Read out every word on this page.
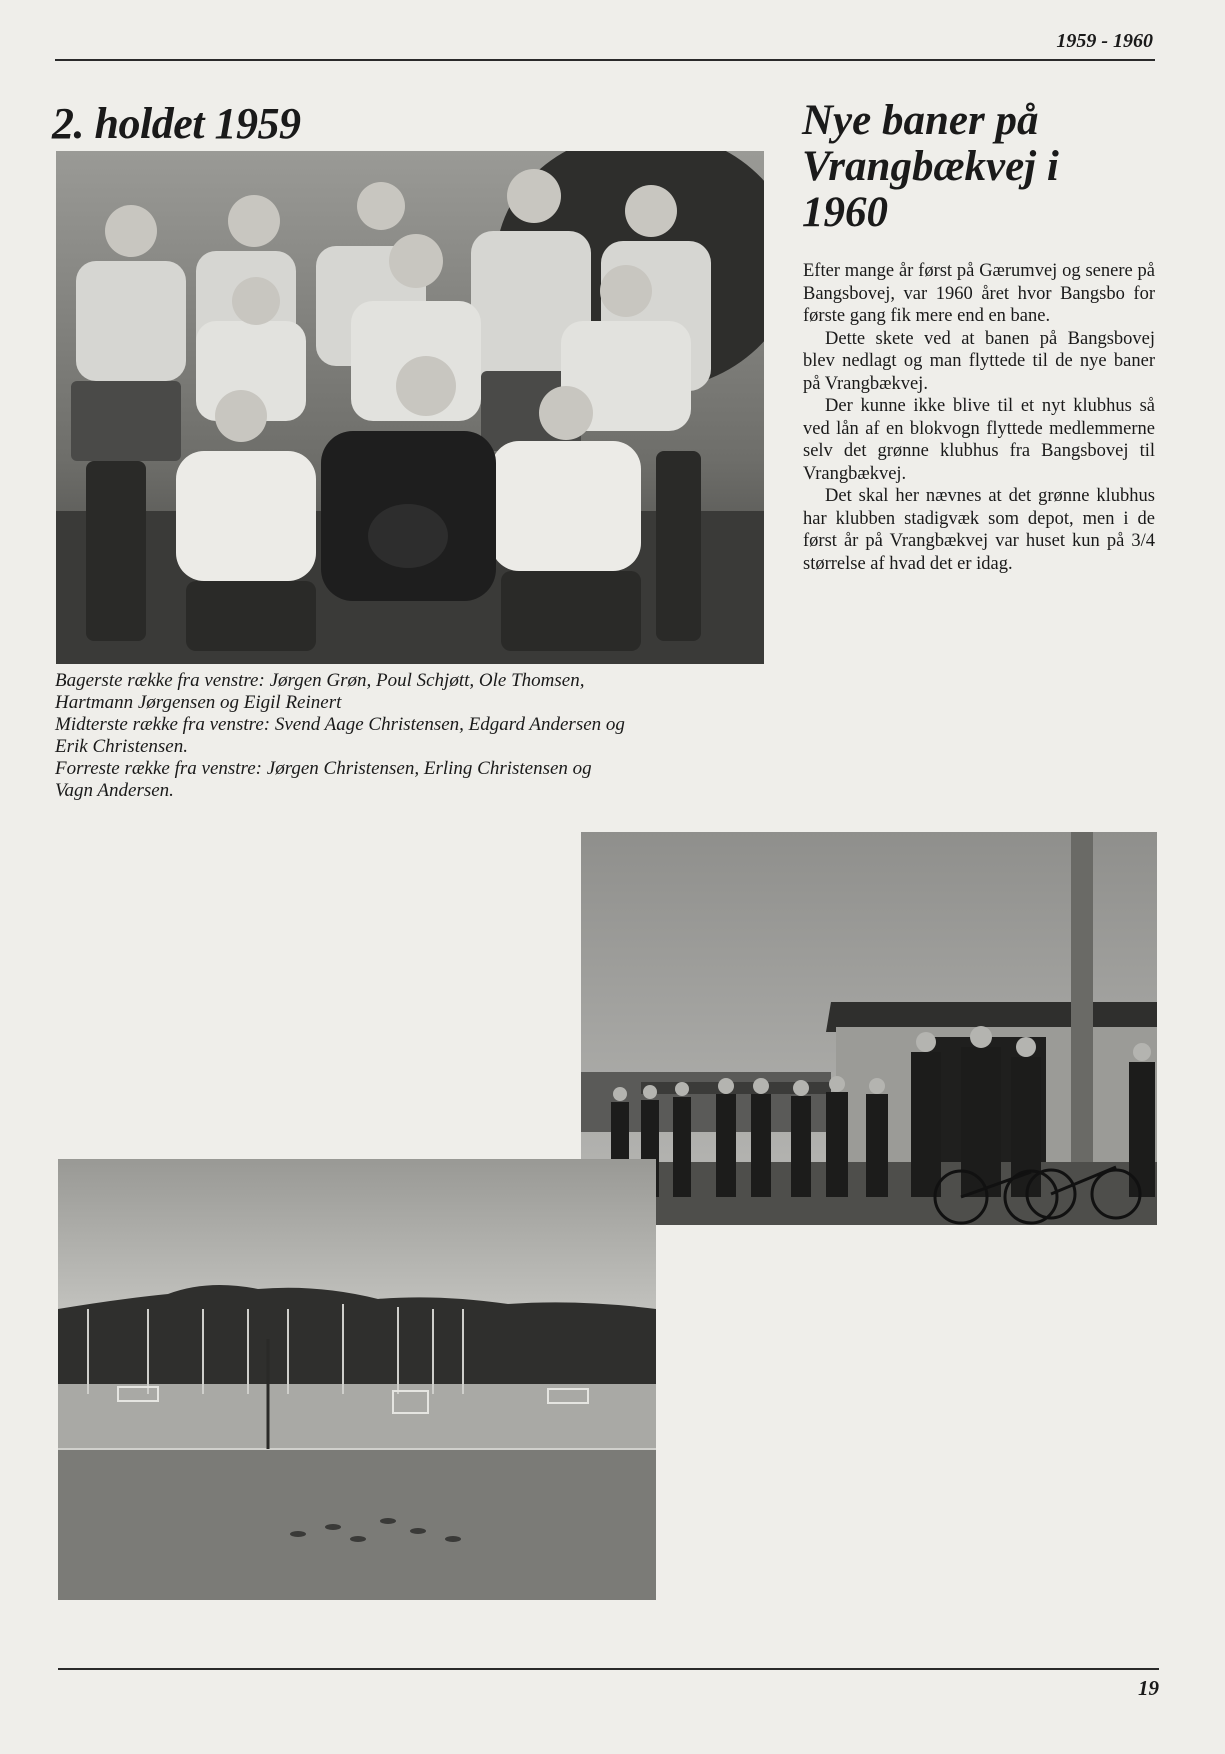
1959 - 1960
2. holdet 1959
Bagerste række fra venstre: Jørgen Grøn, Poul Schjøtt, Ole Thomsen,
Hartmann Jørgensen og Eigil Reinert
Midterste række fra venstre: Svend Aage Christensen, Edgard Andersen og
Erik Christensen.
Forreste række fra venstre: Jørgen Christensen, Erling Christensen og
Vagn Andersen.
Nye baner på
Vrangbækvej i
1960

Efter mange år først på Gærumvej og senere på Bangsbovej, var 1960 året hvor Bangsbo for første gang fik mere end en bane.

Dette skete ved at banen på Bangsbovej blev nedlagt og man flyttede til de nye baner på Vrangbækvej.

Der kunne ikke blive til et nyt klubhus så ved lån af en blokvogn flyttede medlemmerne selv det grønne klubhus fra Bangsbovej til Vrangbækvej.

Det skal her nævnes at det grønne klubhus har klubben stadigvæk som depot, men i de først år på Vrangbækvej var huset kun på 3/4 størrelse af hvad det er idag.

19
